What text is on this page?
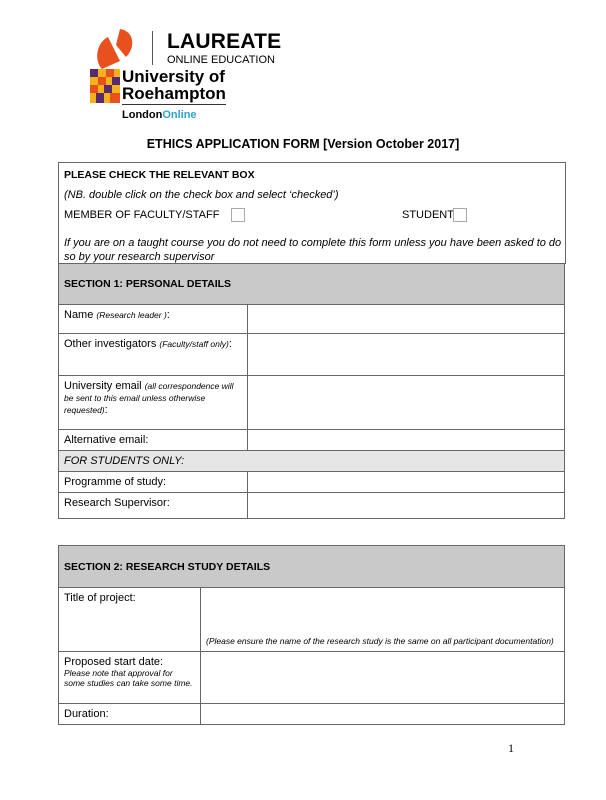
LAUREATE
ONLINE EDUCATION
University of
Roehampton
LondonOnline
ETHICS APPLICATION FORM [Version October 2017]
PLEASE CHECK THE RELEVANT BOX
(NB. double click on the check box and select ‘checked’)
MEMBER OF FACULTY/STAFF	STUDENT
If you are on a taught course you do not need to complete this form unless you have been asked to do so by your research supervisor
SECTION 1: PERSONAL DETAILS	
Name (Research leader ):	
Other investigators (Faculty/staff only):	
University email (all correspondence will be sent to this email unless otherwise requested):	
Alternative email:	
FOR STUDENTS ONLY:	
Programme of study:	
Research Supervisor:	
SECTION 2: RESEARCH STUDY DETAILS	
Title of project:	(Please ensure the name of the research study is the same on all participant documentation)

Proposed start date:
Please note that approval for some studies can take some time.	

Duration:	
1
